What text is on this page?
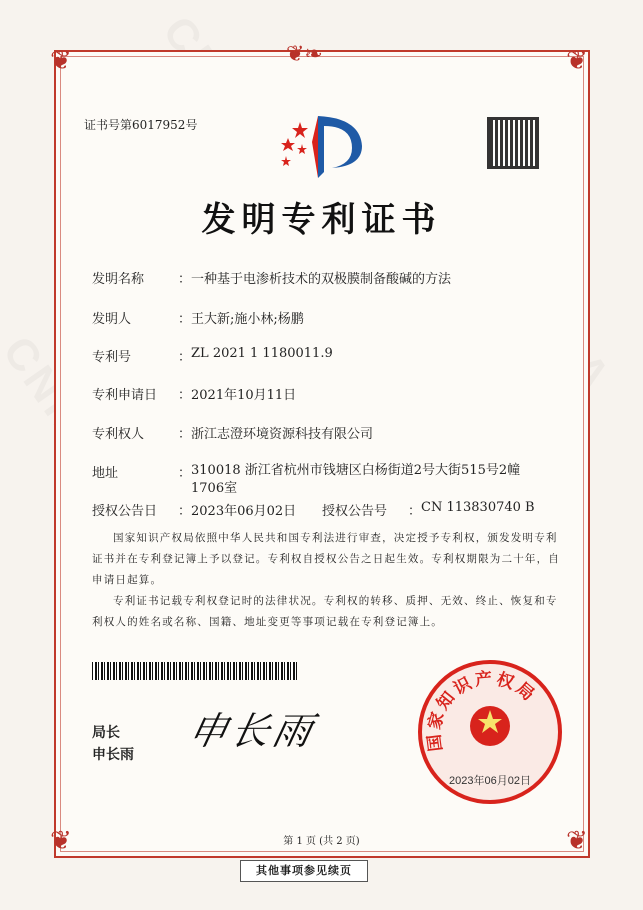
❦	❦
❦	❦
❦❧
证书号第6017952号
发明专利证书
发明名称	： 一种基于电渗析技术的双极膜制备酸碱的方法
发明人	： 王大新;施小林;杨鹏
专利号	： ZL 2021 1 1180011.9
专利申请日	： 2021年10月11日
专利权人	： 浙江志澄环境资源科技有限公司
地址	： 310018 浙江省杭州市钱塘区白杨街道2号大街515号2幢
1706室
授权公告日	： 2023年06月02日 授权公告号	： CN 113830740 B
国家知识产权局依照中华人民共和国专利法进行审查，决定授予专利权，颁发发明专利证书并在专利登记簿上予以登记。专利权自授权公告之日起生效。专利权期限为二十年，自申请日起算。
专利证书记载专利权登记时的法律状况。专利权的转移、质押、无效、终止、恢复和专利权人的姓名或名称、国籍、地址变更等事项记载在专利登记簿上。
局长
申长雨
申长雨	国家知识产权局
2023年06月02日
第 1 页 (共 2 页)
其他事项参见续页
